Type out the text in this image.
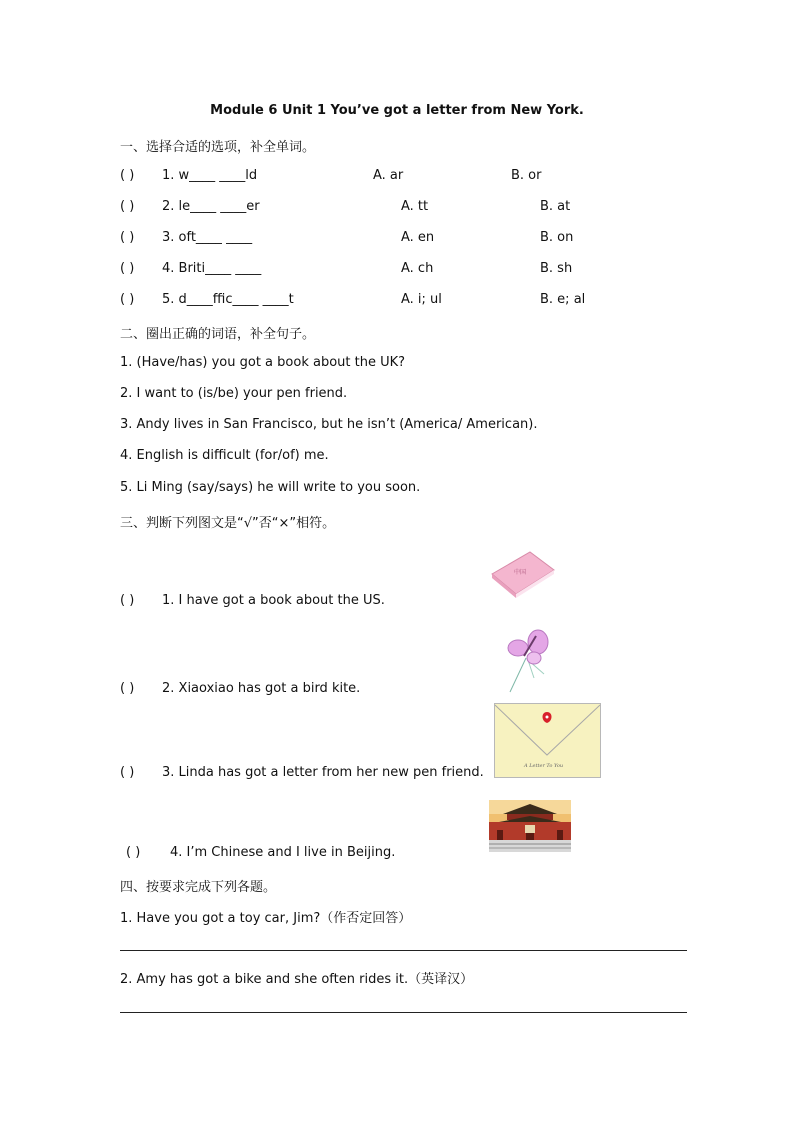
Module 6 Unit 1 You’ve got a letter from New York.
一、选择合适的选项，补全单词。
( ) 1. w____ ____ld	A. ar	B. or
( ) 2. le____ ____er	A. tt	B. at
( ) 3. oft____ ____	A. en	B. on
( ) 4. Briti____ ____	A. ch	B. sh
( ) 5. d____ffic____ ____t	A. i; ul	B. e; al
二、圈出正确的词语，补全句子。
1. (Have/has) you got a book about the UK?
2. I want to (is/be) your pen friend.
3. Andy lives in San Francisco, but he isn’t (America/ American).
4. English is difficult (for/of) me.
5. Li Ming (say/says) he will write to you soon.
三、判断下列图文是“√”否“×”相符。
( ) 1. I have got a book about the US.
( ) 2. Xiaoxiao has got a bird kite.
( ) 3. Linda has got a letter from her new pen friend.
( ) 4. I’m Chinese and I live in Beijing.
中国
A Letter To You
四、按要求完成下列各题。
1. Have you got a toy car, Jim?（作否定回答）
2. Amy has got a bike and she often rides it.（英译汉）
